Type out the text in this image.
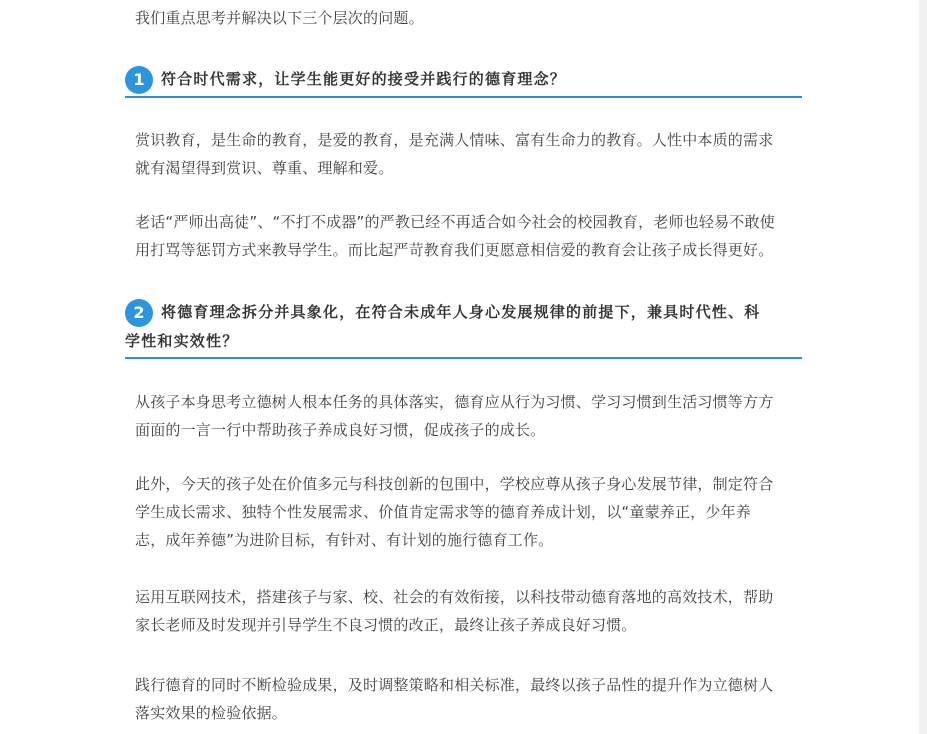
我们重点思考并解决以下三个层次的问题。

1	符合时代需求，让学生能更好的接受并践行的德育理念？

赏识教育，是生命的教育，是爱的教育，是充满人情味、富有生命力的教育。人性中本质的需求
就有渴望得到赏识、尊重、理解和爱。

老话“严师出高徒”、“不打不成器”的严教已经不再适合如今社会的校园教育，老师也轻易不敢使
用打骂等惩罚方式来教导学生。而比起严苛教育我们更愿意相信爱的教育会让孩子成长得更好。

2	将德育理念拆分并具象化，在符合未成年人身心发展规律的前提下，兼具时代性、科
学性和实效性？

从孩子本身思考立德树人根本任务的具体落实，德育应从行为习惯、学习习惯到生活习惯等方方
面面的一言一行中帮助孩子养成良好习惯，促成孩子的成长。

此外，今天的孩子处在价值多元与科技创新的包围中，学校应尊从孩子身心发展节律，制定符合
学生成长需求、独特个性发展需求、价值肯定需求等的德育养成计划，以“童蒙养正，少年养
志，成年养德”为进阶目标，有针对、有计划的施行德育工作。

运用互联网技术，搭建孩子与家、校、社会的有效衔接，以科技带动德育落地的高效技术，帮助
家长老师及时发现并引导学生不良习惯的改正，最终让孩子养成良好习惯。

践行德育的同时不断检验成果，及时调整策略和相关标准，最终以孩子品性的提升作为立德树人
落实效果的检验依据。
